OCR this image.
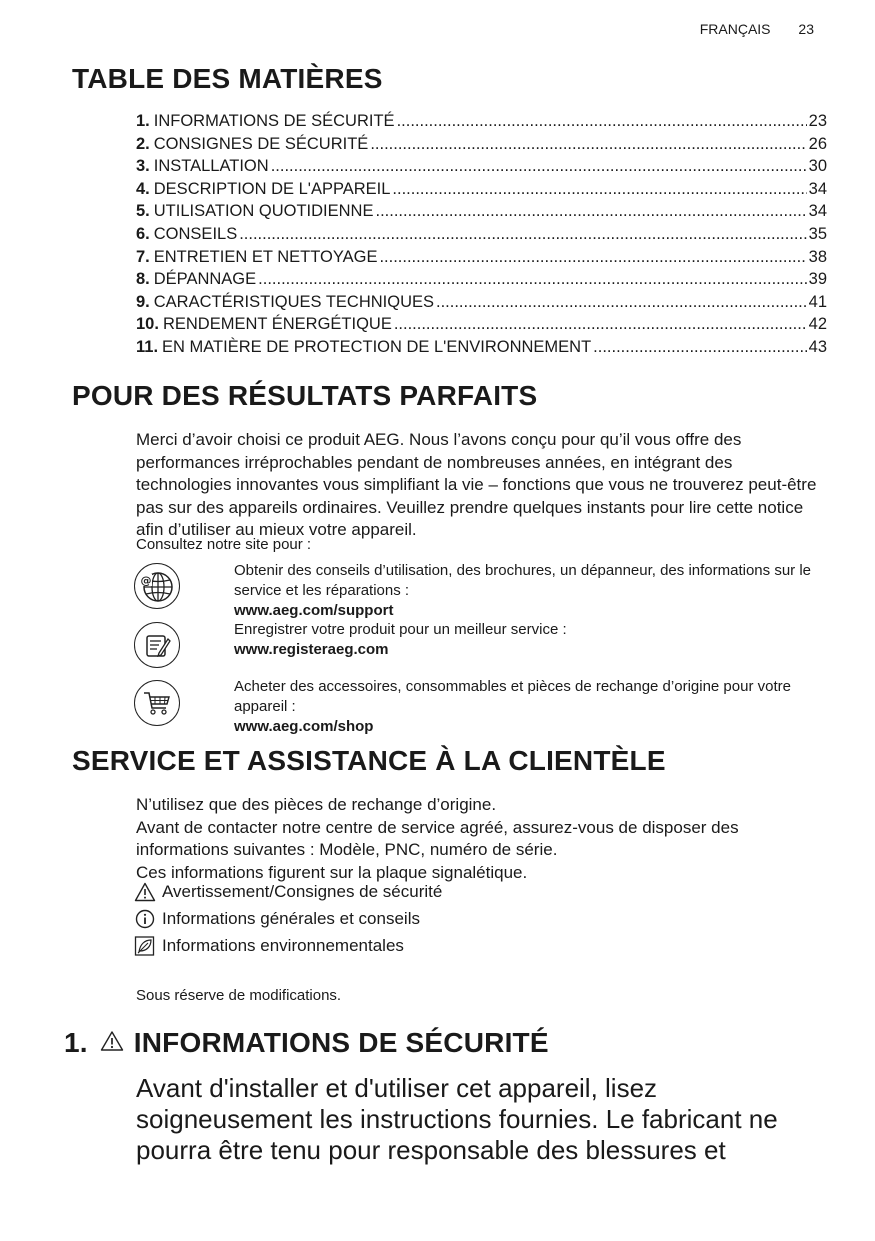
FRANÇAIS 23
TABLE DES MATIÈRES
1. INFORMATIONS DE SÉCURITÉ .....	23
2. CONSIGNES DE SÉCURITÉ .....	26
3. INSTALLATION .....	30
4. DESCRIPTION DE L'APPAREIL .....	34
5. UTILISATION QUOTIDIENNE .....	34
6. CONSEILS .....	35
7. ENTRETIEN ET NETTOYAGE .....	38
8. DÉPANNAGE .....	39
9. CARACTÉRISTIQUES TECHNIQUES .....	41
10. RENDEMENT ÉNERGÉTIQUE .....	42
11. EN MATIÈRE DE PROTECTION DE L'ENVIRONNEMENT .....	43
POUR DES RÉSULTATS PARFAITS
Merci d’avoir choisi ce produit AEG. Nous l’avons conçu pour qu’il vous offre des performances irréprochables pendant de nombreuses années, en intégrant des technologies innovantes vous simplifiant la vie – fonctions que vous ne trouverez peut-être pas sur des appareils ordinaires. Veuillez prendre quelques instants pour lire cette notice afin d’utiliser au mieux votre appareil.
Consultez notre site pour :
@
Obtenir des conseils d’utilisation, des brochures, un dépanneur, des informations sur le service et les réparations :
www.aeg.com/support
Enregistrer votre produit pour un meilleur service :
www.registeraeg.com
Acheter des accessoires, consommables et pièces de rechange d’origine pour votre appareil :
www.aeg.com/shop
SERVICE ET ASSISTANCE À LA CLIENTÈLE
N’utilisez que des pièces de rechange d’origine.
Avant de contacter notre centre de service agréé, assurez-vous de disposer des informations suivantes : Modèle, PNC, numéro de série.
Ces informations figurent sur la plaque signalétique.
Avertissement/Consignes de sécurité
Informations générales et conseils
Informations environnementales
Sous réserve de modifications.
1. INFORMATIONS DE SÉCURITÉ
Avant d'installer et d'utiliser cet appareil, lisez soigneusement les instructions fournies. Le fabricant ne pourra être tenu pour responsable des blessures et
